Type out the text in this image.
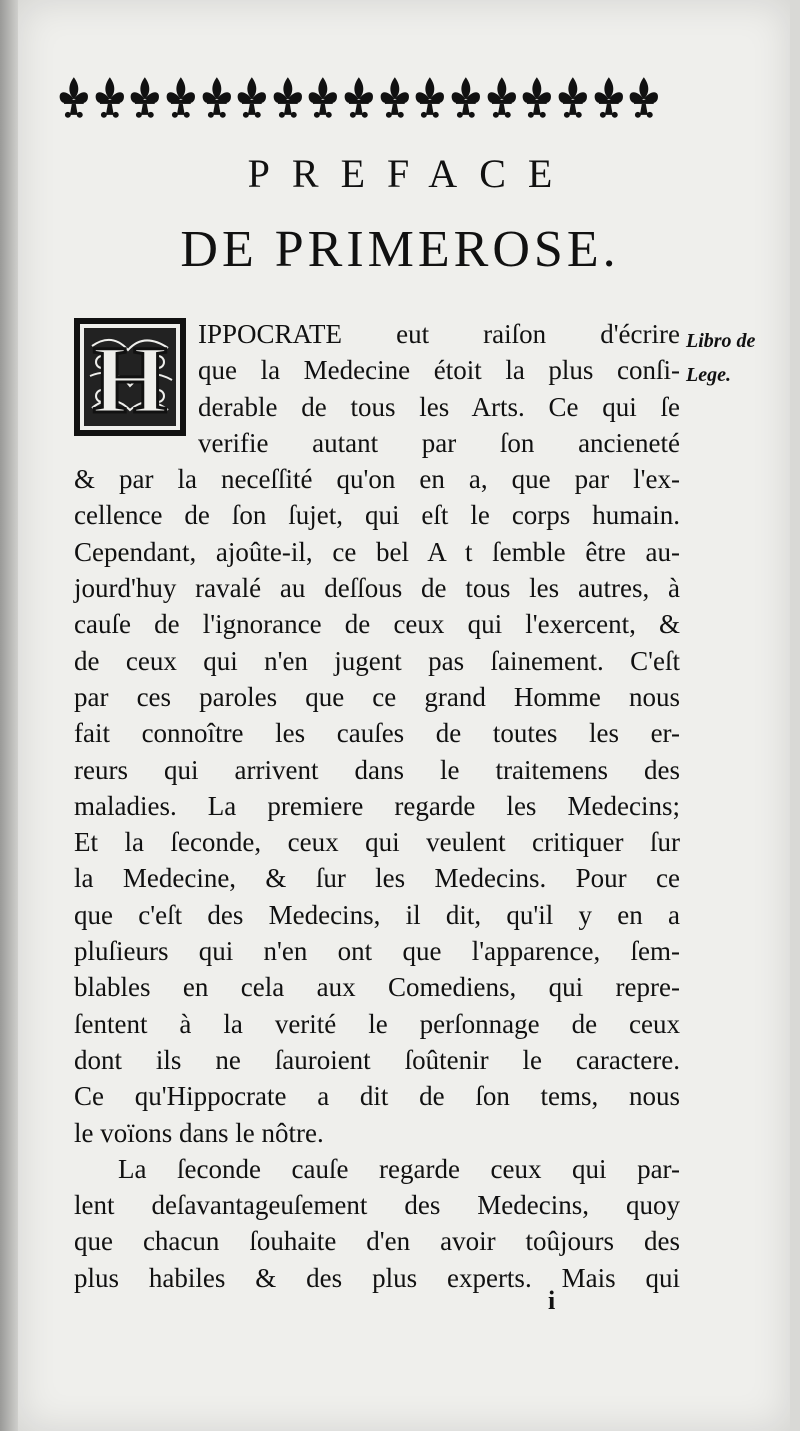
PREFACE
DE PRIMEROSE.
H	IPPOCRATE eut raiſon d'écrire
que la Medecine étoit la plus conſi-
derable de tous les Arts. Ce qui ſe
verifie autant par ſon ancieneté
& par la neceſſité qu'on en a, que par l'ex-
cellence de ſon ſujet, qui eſt le corps humain.
Cependant, ajoûte-il, ce bel A t ſemble être au-
jourd'huy ravalé au deſſous de tous les autres, à
cauſe de l'ignorance de ceux qui l'exercent, &
de ceux qui n'en jugent pas ſainement. C'eſt
par ces paroles que ce grand Homme nous
fait connoître les cauſes de toutes les er-
reurs qui arrivent dans le traitemens des
maladies. La premiere regarde les Medecins;
Et la ſeconde, ceux qui veulent critiquer ſur
la Medecine, & ſur les Medecins. Pour ce
que c'eſt des Medecins, il dit, qu'il y en a
pluſieurs qui n'en ont que l'apparence, ſem-
blables en cela aux Comediens, qui repre-
ſentent à la verité le perſonnage de ceux
dont ils ne ſauroient ſoûtenir le caractere.
Ce qu'Hippocrate a dit de ſon tems, nous
le voïons dans le nôtre.
La ſeconde cauſe regarde ceux qui par-
lent deſavantageuſement des Medecins, quoy
que chacun ſouhaite d'en avoir toûjours des
plus habiles & des plus experts. Mais qui
Libro de
Lege.
i
